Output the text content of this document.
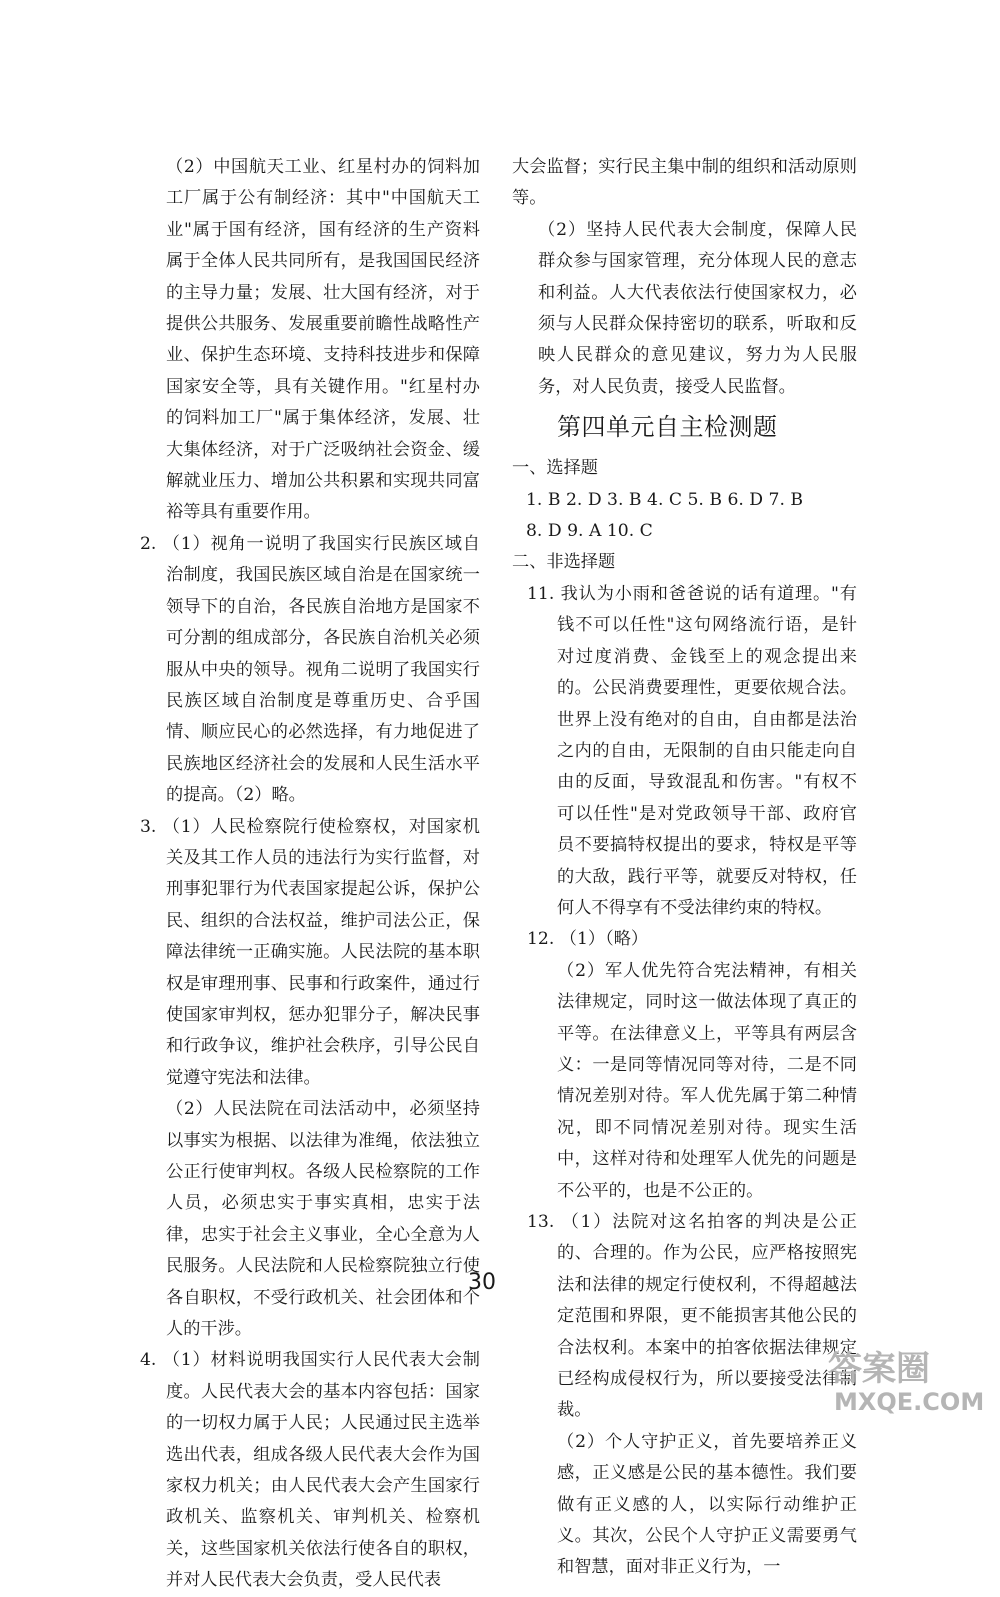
（2）中国航天工业、红星村办的饲料加工厂属于公有制经济：其中"中国航天工业"属于国有经济，国有经济的生产资料属于全体人民共同所有，是我国国民经济的主导力量；发展、壮大国有经济，对于提供公共服务、发展重要前瞻性战略性产业、保护生态环境、支持科技进步和保障国家安全等，具有关键作用。"红星村办的饲料加工厂"属于集体经济，发展、壮大集体经济，对于广泛吸纳社会资金、缓解就业压力、增加公共积累和实现共同富裕等具有重要作用。

2. （1）视角一说明了我国实行民族区域自治制度，我国民族区域自治是在国家统一领导下的自治，各民族自治地方是国家不可分割的组成部分，各民族自治机关必须服从中央的领导。视角二说明了我国实行民族区域自治制度是尊重历史、合乎国情、顺应民心的必然选择，有力地促进了民族地区经济社会的发展和人民生活水平的提高。（2）略。

3. （1）人民检察院行使检察权，对国家机关及其工作人员的违法行为实行监督，对刑事犯罪行为代表国家提起公诉，保护公民、组织的合法权益，维护司法公正，保障法律统一正确实施。人民法院的基本职权是审理刑事、民事和行政案件，通过行使国家审判权，惩办犯罪分子，解决民事和行政争议，维护社会秩序，引导公民自觉遵守宪法和法律。

（2）人民法院在司法活动中，必须坚持以事实为根据、以法律为准绳，依法独立公正行使审判权。各级人民检察院的工作人员，必须忠实于事实真相，忠实于法律，忠实于社会主义事业，全心全意为人民服务。人民法院和人民检察院独立行使各自职权，不受行政机关、社会团体和个人的干涉。

4. （1）材料说明我国实行人民代表大会制度。人民代表大会的基本内容包括：国家的一切权力属于人民；人民通过民主选举选出代表，组成各级人民代表大会作为国家权力机关；由人民代表大会产生国家行政机关、监察机关、审判机关、检察机关，这些国家机关依法行使各自的职权，并对人民代表大会负责，受人民代表

大会监督；实行民主集中制的组织和活动原则等。

（2）坚持人民代表大会制度，保障人民群众参与国家管理，充分体现人民的意志和利益。人大代表依法行使国家权力，必须与人民群众保持密切的联系，听取和反映人民群众的意见建议，努力为人民服务，对人民负责，接受人民监督。

第四单元自主检测题

一、选择题

1. B 2. D 3. B 4. C 5. B 6. D 7. B

8. D 9. A 10. C

二、非选择题

11. 我认为小雨和爸爸说的话有道理。"有钱不可以任性"这句网络流行语，是针对过度消费、金钱至上的观念提出来的。公民消费要理性，更要依规合法。世界上没有绝对的自由，自由都是法治之内的自由，无限制的自由只能走向自由的反面，导致混乱和伤害。"有权不可以任性"是对党政领导干部、政府官员不要搞特权提出的要求，特权是平等的大敌，践行平等，就要反对特权，任何人不得享有不受法律约束的特权。

12. （1）（略）

（2）军人优先符合宪法精神，有相关法律规定，同时这一做法体现了真正的平等。在法律意义上，平等具有两层含义：一是同等情况同等对待，二是不同情况差别对待。军人优先属于第二种情况，即不同情况差别对待。现实生活中，这样对待和处理军人优先的问题是不公平的，也是不公正的。

13. （1）法院对这名拍客的判决是公正的、合理的。作为公民，应严格按照宪法和法律的规定行使权利，不得超越法定范围和界限，更不能损害其他公民的合法权利。本案中的拍客依据法律规定已经构成侵权行为，所以要接受法律制裁。

（2）个人守护正义，首先要培养正义感，正义感是公民的基本德性。我们要做有正义感的人，以实际行动维护正义。其次，公民个人守护正义需要勇气和智慧，面对非正义行为，一

30
答案圈
MXQE.COM
